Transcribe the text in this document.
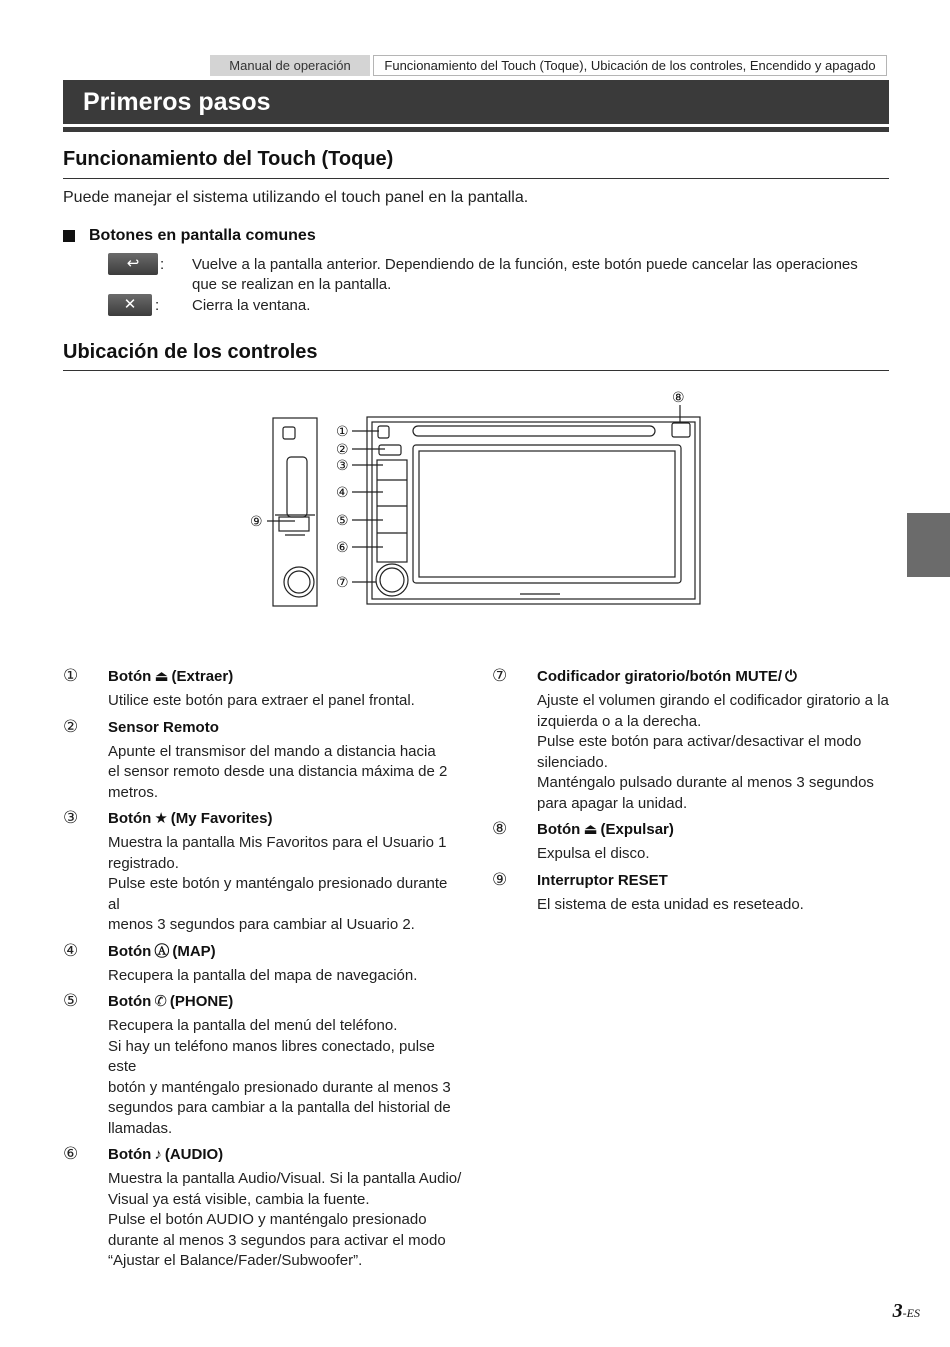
Manual de operación	Funcionamiento del Touch (Toque), Ubicación de los controles, Encendido y apagado
Primeros pasos
Funcionamiento del Touch (Toque)
Puede manejar el sistema utilizando el touch panel en la pantalla.
Botones en pantalla comunes
↩	: Vuelve a la pantalla anterior. Dependiendo de la función, este botón puede cancelar las operaciones
que se realizan en la pantalla.
✕	: Cierra la ventana.
Ubicación de los controles
①
②
③
④
⑤
⑥
⑦
⑧
⑨
① Botón ⏏ (Extraer)
Utilice este botón para extraer el panel frontal.
② Sensor Remoto
Apunte el transmisor del mando a distancia hacia
el sensor remoto desde una distancia máxima de 2
metros.
③ Botón ★ (My Favorites)
Muestra la pantalla Mis Favoritos para el Usuario 1
registrado.
Pulse este botón y manténgalo presionado durante al
menos 3 segundos para cambiar al Usuario 2.
④ Botón Ⓐ (MAP)
Recupera la pantalla del mapa de navegación.
⑤ Botón ✆ (PHONE)
Recupera la pantalla del menú del teléfono.
Si hay un teléfono manos libres conectado, pulse este
botón y manténgalo presionado durante al menos 3
segundos para cambiar a la pantalla del historial de
llamadas.
⑥ Botón ♪ (AUDIO)
Muestra la pantalla Audio/Visual. Si la pantalla Audio/
Visual ya está visible, cambia la fuente.
Pulse el botón AUDIO y manténgalo presionado
durante al menos 3 segundos para activar el modo
“Ajustar el Balance/Fader/Subwoofer”.
⑦ Codificador giratorio/botón MUTE/ ⏻
Ajuste el volumen girando el codificador giratorio a la
izquierda o a la derecha.
Pulse este botón para activar/desactivar el modo
silenciado.
Manténgalo pulsado durante al menos 3 segundos
para apagar la unidad.
⑧ Botón ⏏ (Expulsar)
Expulsa el disco.
⑨ Interruptor RESET
El sistema de esta unidad es reseteado.
3-ES
